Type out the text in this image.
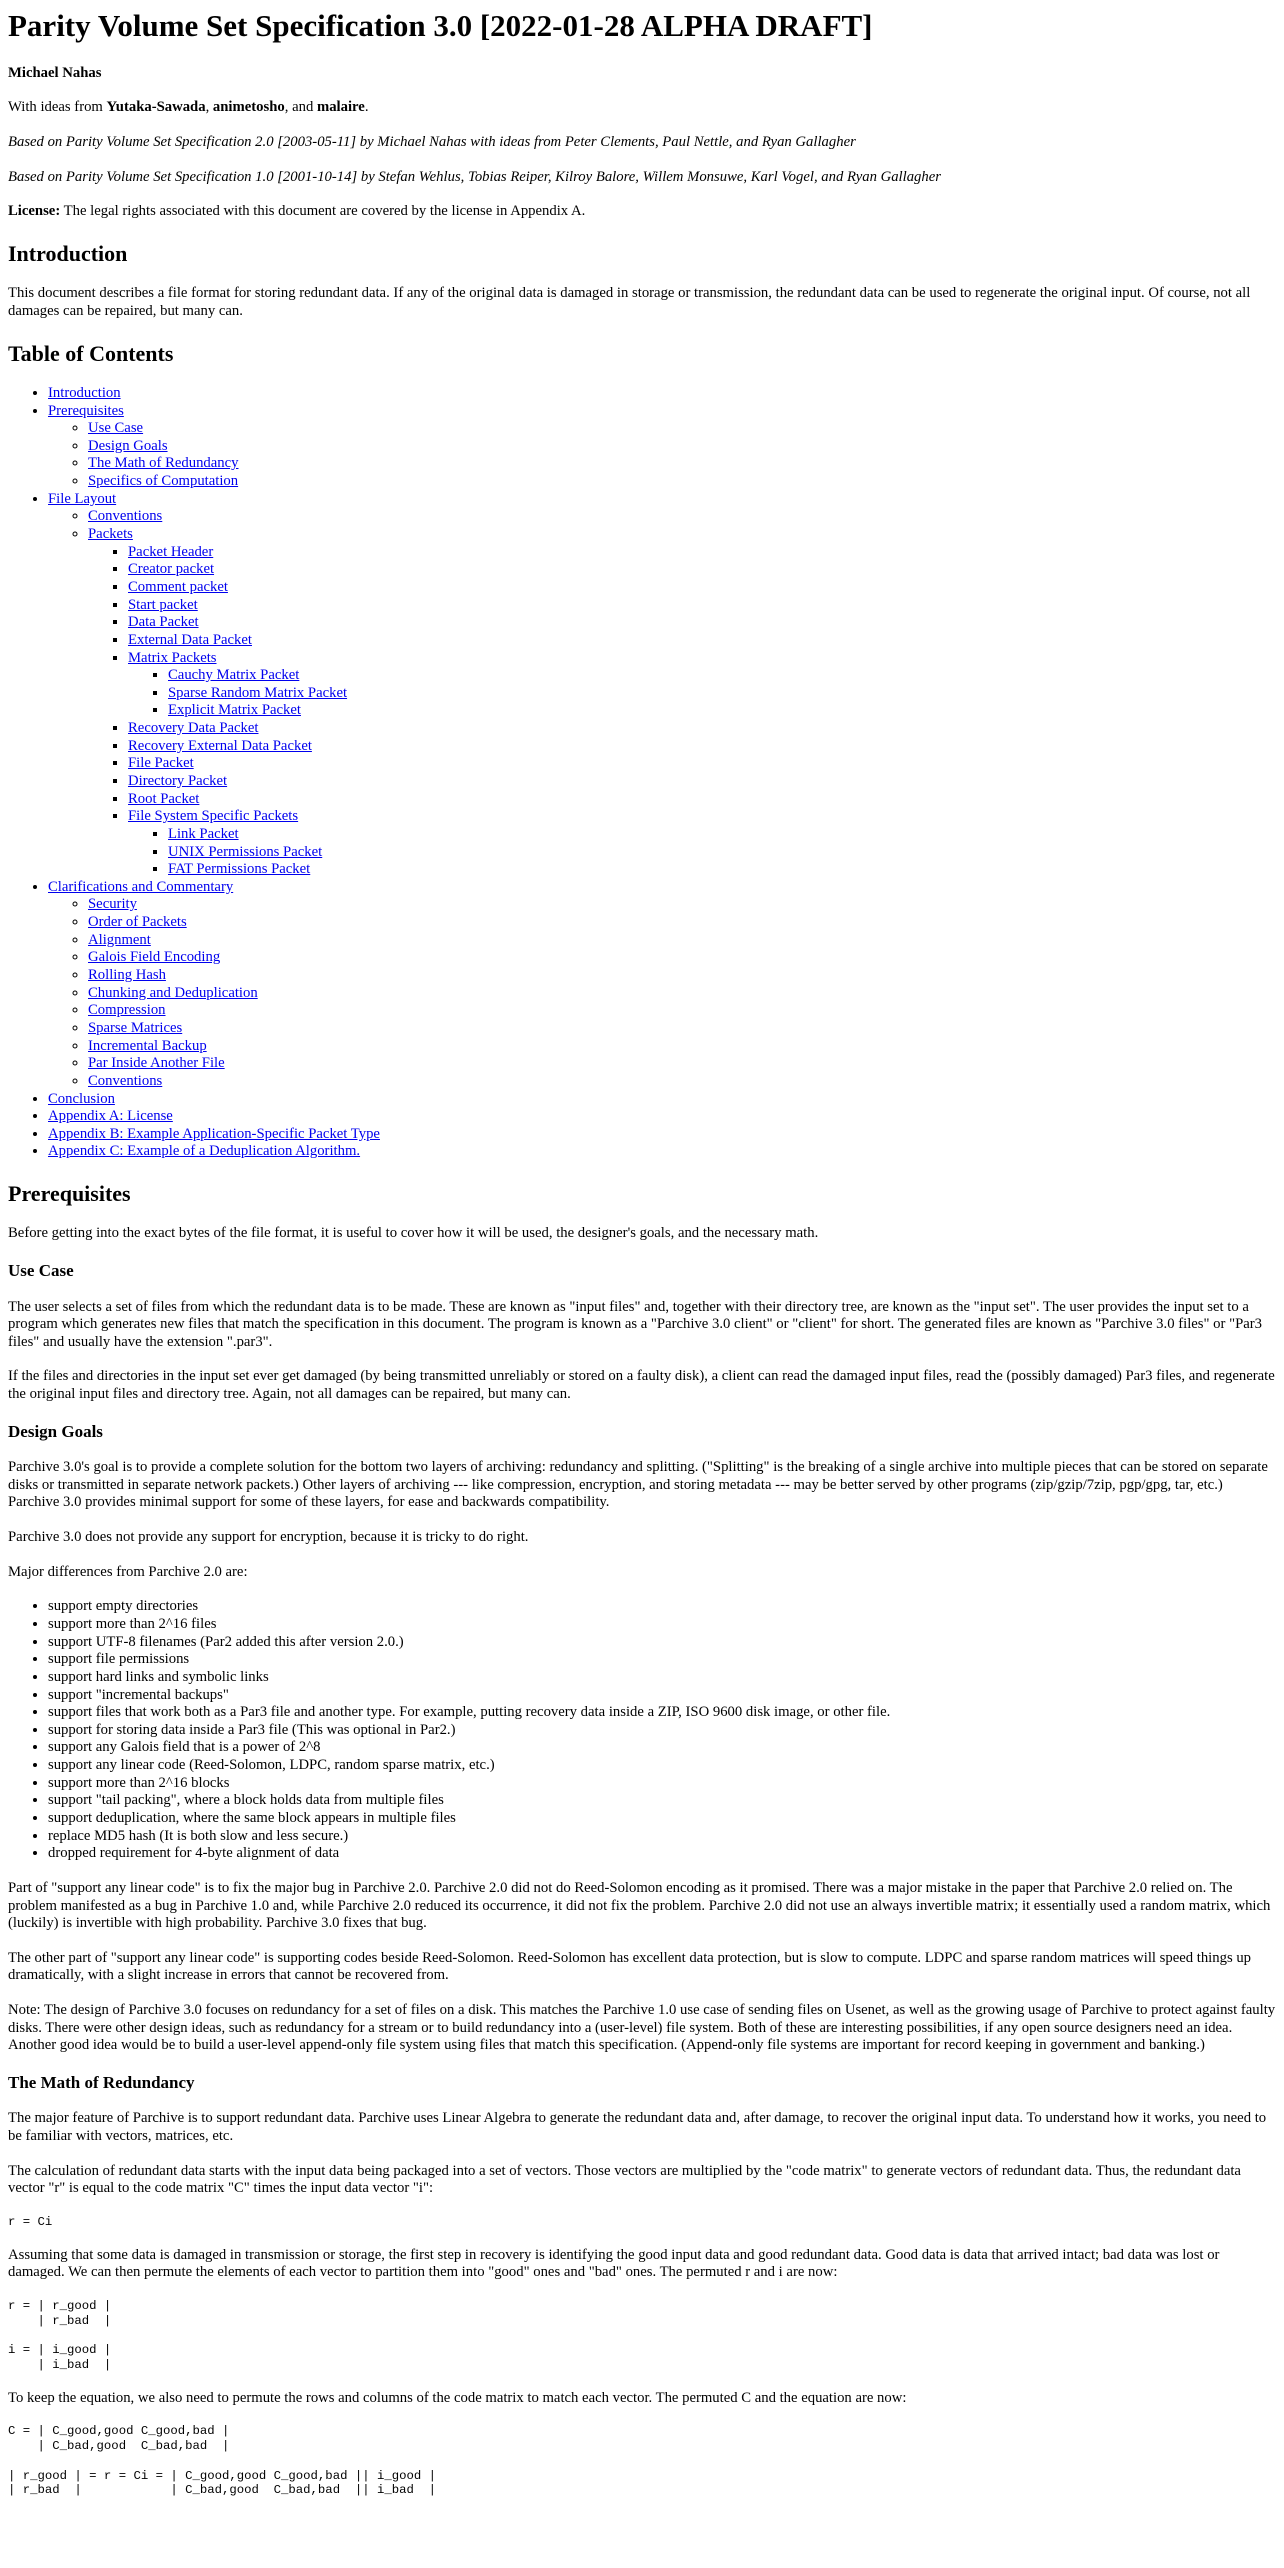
Parity Volume Set Specification 3.0 [2022-01-28 ALPHA DRAFT]

Michael Nahas

With ideas from Yutaka-Sawada, animetosho, and malaire.

Based on Parity Volume Set Specification 2.0 [2003-05-11] by Michael Nahas with ideas from Peter Clements, Paul Nettle, and Ryan Gallagher

Based on Parity Volume Set Specification 1.0 [2001-10-14] by Stefan Wehlus, Tobias Reiper, Kilroy Balore, Willem Monsuwe, Karl Vogel, and Ryan Gallagher

License: The legal rights associated with this document are covered by the license in Appendix A.

Introduction

This document describes a file format for storing redundant data. If any of the original data is damaged in storage or transmission, the redundant data can be used to regenerate the original input. Of course, not all damages can be repaired, but many can.

Table of Contents
• Introduction
• Prerequisites
◦ Use Case
◦ Design Goals
◦ The Math of Redundancy
◦ Specifics of Computation
• File Layout
◦ Conventions
◦ Packets
▪ Packet Header
▪ Creator packet
▪ Comment packet
▪ Start packet
▪ Data Packet
▪ External Data Packet
▪ Matrix Packets
▪ Cauchy Matrix Packet
▪ Sparse Random Matrix Packet
▪ Explicit Matrix Packet
▪ Recovery Data Packet
▪ Recovery External Data Packet
▪ File Packet
▪ Directory Packet
▪ Root Packet
▪ File System Specific Packets
▪ Link Packet
▪ UNIX Permissions Packet
▪ FAT Permissions Packet
• Clarifications and Commentary
◦ Security
◦ Order of Packets
◦ Alignment
◦ Galois Field Encoding
◦ Rolling Hash
◦ Chunking and Deduplication
◦ Compression
◦ Sparse Matrices
◦ Incremental Backup
◦ Par Inside Another File
◦ Conventions
• Conclusion
• Appendix A: License
• Appendix B: Example Application-Specific Packet Type
• Appendix C: Example of a Deduplication Algorithm.
Prerequisites

Before getting into the exact bytes of the file format, it is useful to cover how it will be used, the designer's goals, and the necessary math.

Use Case

The user selects a set of files from which the redundant data is to be made. These are known as "input files" and, together with their directory tree, are known as the "input set". The user provides the input set to a program which generates new files that match the specification in this document. The program is known as a "Parchive 3.0 client" or "client" for short. The generated files are known as "Parchive 3.0 files" or "Par3 files" and usually have the extension ".par3".

If the files and directories in the input set ever get damaged (by being transmitted unreliably or stored on a faulty disk), a client can read the damaged input files, read the (possibly damaged) Par3 files, and regenerate the original input files and directory tree. Again, not all damages can be repaired, but many can.

Design Goals

Parchive 3.0's goal is to provide a complete solution for the bottom two layers of archiving: redundancy and splitting. ("Splitting" is the breaking of a single archive into multiple pieces that can be stored on separate disks or transmitted in separate network packets.) Other layers of archiving --- like compression, encryption, and storing metadata --- may be better served by other programs (zip/gzip/7zip, pgp/gpg, tar, etc.) Parchive 3.0 provides minimal support for some of these layers, for ease and backwards compatibility.

Parchive 3.0 does not provide any support for encryption, because it is tricky to do right.

Major differences from Parchive 2.0 are:

• support empty directories
• support more than 2^16 files
• support UTF-8 filenames (Par2 added this after version 2.0.)
• support file permissions
• support hard links and symbolic links
• support "incremental backups"
• support files that work both as a Par3 file and another type. For example, putting recovery data inside a ZIP, ISO 9600 disk image, or other file.
• support for storing data inside a Par3 file (This was optional in Par2.)
• support any Galois field that is a power of 2^8
• support any linear code (Reed-Solomon, LDPC, random sparse matrix, etc.)
• support more than 2^16 blocks
• support "tail packing", where a block holds data from multiple files
• support deduplication, where the same block appears in multiple files
• replace MD5 hash (It is both slow and less secure.)
• dropped requirement for 4-byte alignment of data

Part of "support any linear code" is to fix the major bug in Parchive 2.0. Parchive 2.0 did not do Reed-Solomon encoding as it promised. There was a major mistake in the paper that Parchive 2.0 relied on. The problem manifested as a bug in Parchive 1.0 and, while Parchive 2.0 reduced its occurrence, it did not fix the problem. Parchive 2.0 did not use an always invertible matrix; it essentially used a random matrix, which (luckily) is invertible with high probability. Parchive 3.0 fixes that bug.

The other part of "support any linear code" is supporting codes beside Reed-Solomon. Reed-Solomon has excellent data protection, but is slow to compute. LDPC and sparse random matrices will speed things up dramatically, with a slight increase in errors that cannot be recovered from.

Note: The design of Parchive 3.0 focuses on redundancy for a set of files on a disk. This matches the Parchive 1.0 use case of sending files on Usenet, as well as the growing usage of Parchive to protect against faulty disks. There were other design ideas, such as redundancy for a stream or to build redundancy into a (user-level) file system. Both of these are interesting possibilities, if any open source designers need an idea. Another good idea would be to build a user-level append-only file system using files that match this specification. (Append-only file systems are important for record keeping in government and banking.)

The Math of Redundancy

The major feature of Parchive is to support redundant data. Parchive uses Linear Algebra to generate the redundant data and, after damage, to recover the original input data. To understand how it works, you need to be familiar with vectors, matrices, etc.

The calculation of redundant data starts with the input data being packaged into a set of vectors. Those vectors are multiplied by the "code matrix" to generate vectors of redundant data. Thus, the redundant data vector "r" is equal to the code matrix "C" times the input data vector "i":

r = Ci

Assuming that some data is damaged in transmission or storage, the first step in recovery is identifying the good input data and good redundant data. Good data is data that arrived intact; bad data was lost or damaged. We can then permute the elements of each vector to partition them into "good" ones and "bad" ones. The permuted r and i are now:

r = | r_good |
| r_bad  |

i = | i_good |
| i_bad  |

To keep the equation, we also need to permute the rows and columns of the code matrix to match each vector. The permuted C and the equation are now:

C = | C_good,good C_good,bad |
| C_bad,good  C_bad,bad  |

| r_good | = r = Ci = | C_good,good C_good,bad || i_good |
| r_bad  |            | C_bad,good  C_bad,bad  || i_bad  |
